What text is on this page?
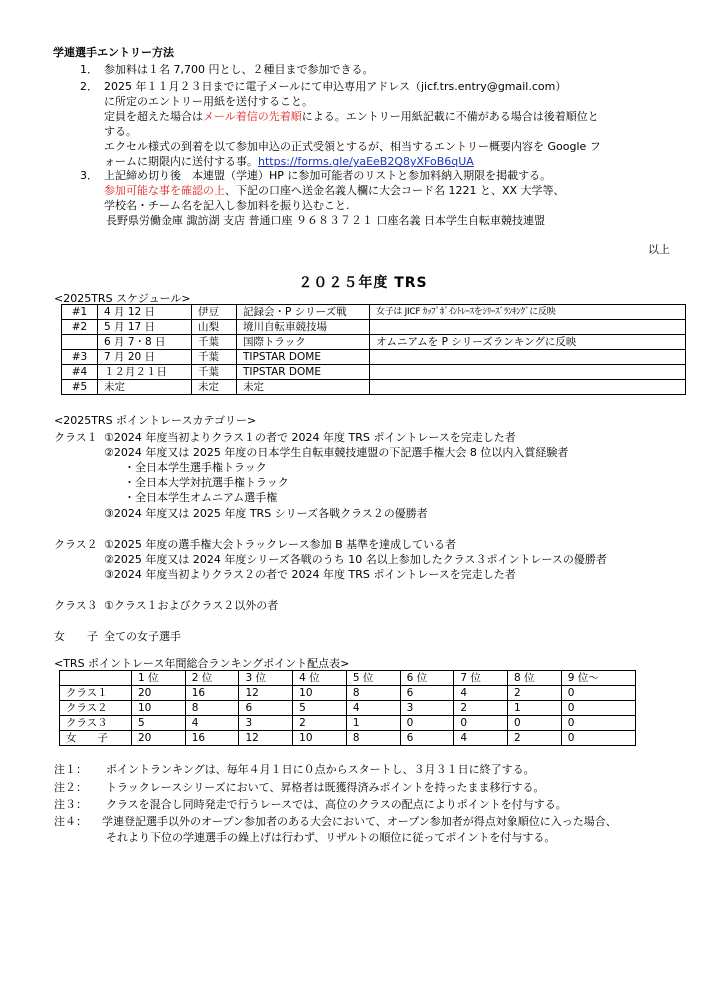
学連選手エントリー方法
1． 参加料は１名 7,700 円とし、２種目まで参加できる。
2． 2025 年１１月２３日までに電子メールにて申込専用アドレス（jicf.trs.entry@gmail.com）
に所定のエントリー用紙を送付すること。
定員を超えた場合はメール着信の先着順による。エントリー用紙記載に不備がある場合は後着順位と
する。
エクセル様式の到着を以て参加申込の正式受領とするが、相当するエントリー概要内容を Google フ
ォームに期限内に送付する事。https://forms.gle/yaEeB2Q8yXFoB6qUA
3． 上記締め切り後　本連盟（学連）HP に参加可能者のリストと参加料納入期限を掲載する。
参加可能な事を確認の上、下記の口座へ送金名義人欄に大会コード名 1221 と、XX 大学等、
学校名・チーム名を記入し参加料を振り込むこと.
長野県労働金庫 諏訪湖 支店 普通口座 ９６８３７２１ 口座名義 日本学生自転車競技連盟
以上
２０２５年度 TRS
<2025TRS スケジュール>
#1	4 月 12 日	伊豆	記録会・P シリーズ戦	女子は JICF ｶｯﾌﾟﾎﾟｲﾝﾄﾚｰｽをｼﾘｰｽﾞﾗﾝｷﾝｸﾞに反映
#2	5 月 17 日	山梨	境川自転車競技場	
	6 月 7・8 日	千葉	国際トラック	オムニアムを P シリーズランキングに反映
#3	7 月 20 日	千葉	TIPSTAR DOME	
#4	１２月２１日	千葉	TIPSTAR DOME	
#5	未定	未定	未定	
<2025TRS ポイントレースカテゴリー>
クラス１ ①2024 年度当初よりクラス１の者で 2024 年度 TRS ポイントレースを完走した者
②2024 年度又は 2025 年度の日本学生自転車競技連盟の下記選手権大会 8 位以内入賞経験者
・全日本学生選手権トラック
・全日本大学対抗選手権トラック
・全日本学生オムニアム選手権
③2024 年度又は 2025 年度 TRS シリーズ各戦クラス２の優勝者
クラス２ ①2025 年度の選手権大会トラックレース参加 B 基準を達成している者
②2025 年度又は 2024 年度シリーズ各戦のうち 10 名以上参加したクラス３ポイントレースの優勝者
③2024 年度当初よりクラス２の者で 2024 年度 TRS ポイントレースを完走した者
クラス３ ①クラス１およびクラス２以外の者
女　　子 全ての女子選手
<TRS ポイントレース年間総合ランキングポイント配点表>
	1 位	2 位	3 位	4 位	5 位	6 位	7 位	8 位	9 位～
クラス１	20	16	12	10	8	6	4	2	0
クラス２	10	8	6	5	4	3	2	1	0
クラス３	5	4	3	2	1	0	0	0	0
女　　子	20	16	12	10	8	6	4	2	0
注１： ポイントランキングは、毎年４月１日に０点からスタートし、３月３１日に終了する。
注２： トラックレースシリーズにおいて、昇格者は既獲得済みポイントを持ったまま移行する。
注３： クラスを混合し同時発走で行うレースでは、高位のクラスの配点によりポイントを付与する。
注４： 学連登記選手以外のオープン参加者のある大会において、オープン参加者が得点対象順位に入った場合、
それより下位の学連選手の繰上げは行わず、リザルトの順位に従ってポイントを付与する。
